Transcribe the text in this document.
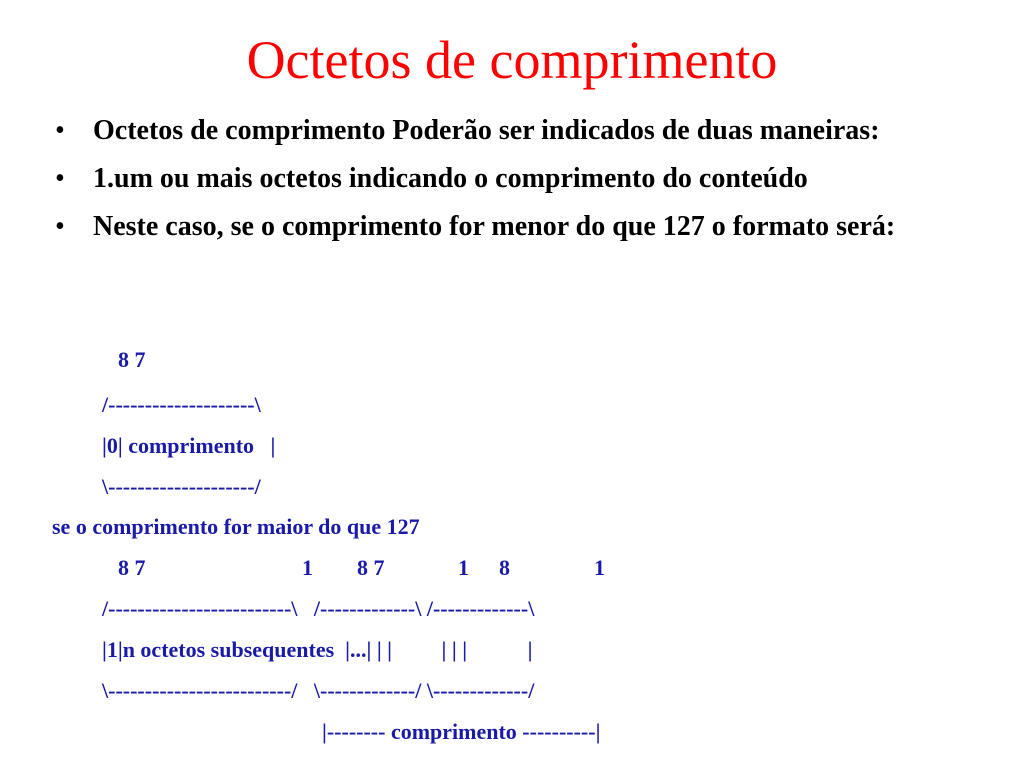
Octetos de comprimento
• Octetos de comprimento Poderão ser indicados de duas maneiras:
• 1.um ou mais octetos indicando o comprimento do conteúdo
• Neste caso, se o comprimento for menor do que 127 o formato será:
8 7
/--------------------\
|0| comprimento   |
\--------------------/
se o comprimento for maior do que 127
8 7	1 8 7	1 8	1
/-------------------------\   /-------------\ /-------------\
|1|n octetos subsequentes  |...| | |         | | |           |
\-------------------------/   \-------------/ \-------------/
|-------- comprimento ----------|
